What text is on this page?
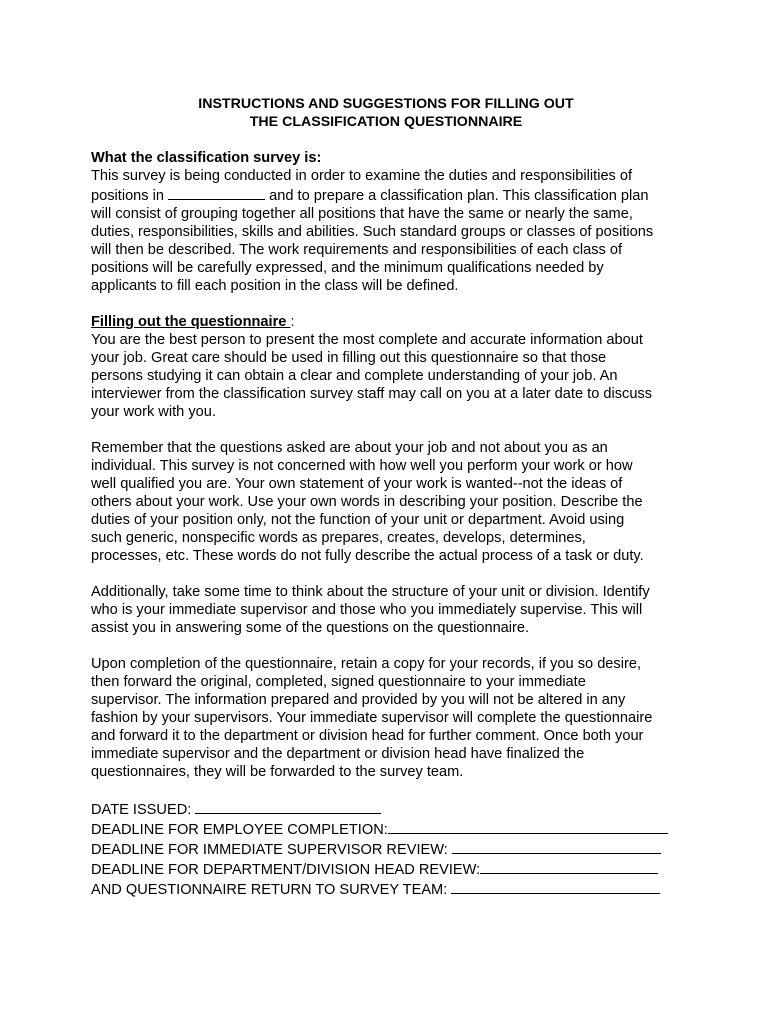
INSTRUCTIONS AND SUGGESTIONS FOR FILLING OUT
THE CLASSIFICATION QUESTIONNAIRE
What the classification survey is:
This survey is being conducted in order to examine the duties and responsibilities of
positions in	and to prepare a classification plan. This classification plan
will consist of grouping together all positions that have the same or nearly the same,
duties, responsibilities, skills and abilities. Such standard groups or classes of positions
will then be described. The work requirements and responsibilities of each class of
positions will be carefully expressed, and the minimum qualifications needed by
applicants to fill each position in the class will be defined.
Filling out the questionnaire :
You are the best person to present the most complete and accurate information about
your job. Great care should be used in filling out this questionnaire so that those
persons studying it can obtain a clear and complete understanding of your job. An
interviewer from the classification survey staff may call on you at a later date to discuss
your work with you.
Remember that the questions asked are about your job and not about you as an
individual. This survey is not concerned with how well you perform your work or how
well qualified you are. Your own statement of your work is wanted--not the ideas of
others about your work. Use your own words in describing your position. Describe the
duties of your position only, not the function of your unit or department. Avoid using
such generic, nonspecific words as prepares, creates, develops, determines,
processes, etc. These words do not fully describe the actual process of a task or duty.
Additionally, take some time to think about the structure of your unit or division. Identify
who is your immediate supervisor and those who you immediately supervise. This will
assist you in answering some of the questions on the questionnaire.
Upon completion of the questionnaire, retain a copy for your records, if you so desire,
then forward the original, completed, signed questionnaire to your immediate
supervisor. The information prepared and provided by you will not be altered in any
fashion by your supervisors. Your immediate supervisor will complete the questionnaire
and forward it to the department or division head for further comment. Once both your
immediate supervisor and the department or division head have finalized the
questionnaires, they will be forwarded to the survey team.
DATE ISSUED:
DEADLINE FOR EMPLOYEE COMPLETION:
DEADLINE FOR IMMEDIATE SUPERVISOR REVIEW:
DEADLINE FOR DEPARTMENT/DIVISION HEAD REVIEW:
AND QUESTIONNAIRE RETURN TO SURVEY TEAM:
